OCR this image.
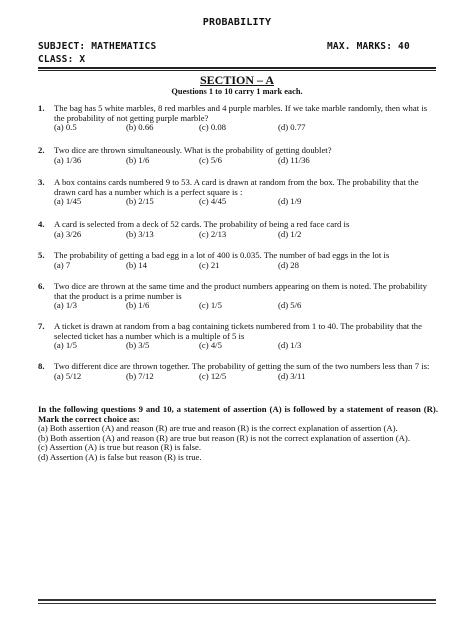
PROBABILITY
SUBJECT: MATHEMATICS	MAX. MARKS: 40
CLASS: X
SECTION – A
Questions 1 to 10 carry 1 mark each.
1. The bag has 5 white marbles, 8 red marbles and 4 purple marbles. If we take marble randomly, then what is the probability of not getting purple marble?
(a) 0.5	(b) 0.66	(c) 0.08	(d) 0.77
2. Two dice are thrown simultaneously. What is the probability of getting doublet?
(a) 1/36	(b) 1/6	(c) 5/6	(d) 11/36
3. A box contains cards numbered 9 to 53. A card is drawn at random from the box. The probability that the drawn card has a number which is a perfect square is :
(a) 1/45	(b) 2/15	(c) 4/45	(d) 1/9
4. A card is selected from a deck of 52 cards. The probability of being a red face card is
(a) 3/26	(b) 3/13	(c) 2/13	(d) 1/2
5. The probability of getting a bad egg in a lot of 400 is 0.035. The number of bad eggs in the lot is
(a) 7	(b) 14	(c) 21	(d) 28
6. Two dice are thrown at the same time and the product numbers appearing on them is noted. The probability that the product is a prime number is
(a) 1/3	(b) 1/6	(c) 1/5	(d) 5/6
7. A ticket is drawn at random from a bag containing tickets numbered from 1 to 40. The probability that the selected ticket has a number which is a multiple of 5 is
(a) 1/5	(b) 3/5	(c) 4/5	(d) 1/3
8. Two different dice are thrown together. The probability of getting the sum of the two numbers less than 7 is:
(a) 5/12	(b) 7/12	(c) 12/5	(d) 3/11
In the following questions 9 and 10, a statement of assertion (A) is followed by a statement of reason (R). Mark the correct choice as:
(a) Both assertion (A) and reason (R) are true and reason (R) is the correct explanation of assertion (A).
(b) Both assertion (A) and reason (R) are true but reason (R) is not the correct explanation of assertion (A).
(c) Assertion (A) is true but reason (R) is false.
(d) Assertion (A) is false but reason (R) is true.
